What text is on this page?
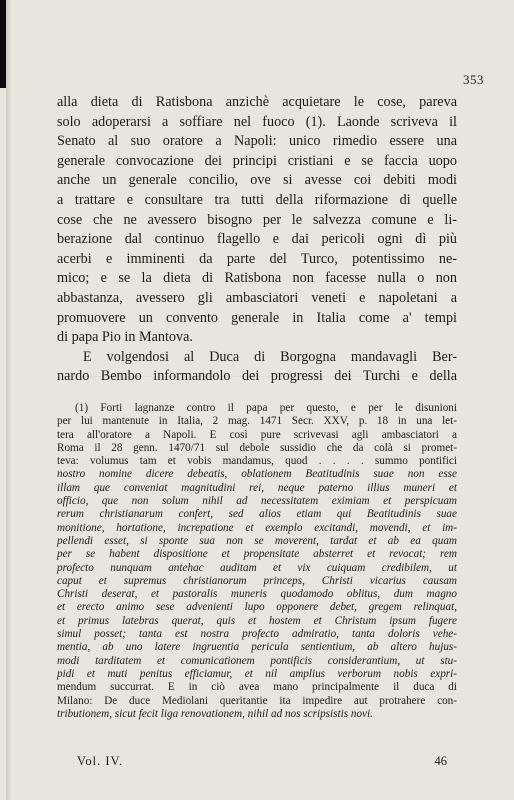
353
alla dieta di Ratisbona anzichè acquietare le cose, pareva
solo adoperarsi a soffiare nel fuoco (1). Laonde scriveva il
Senato al suo oratore a Napoli: unico rimedio essere una
generale convocazione dei principi cristiani e se faccia uopo
anche un generale concilio, ove si avesse coi debiti modi
a trattare e consultare tra tutti della riformazione di quelle
cose che ne avessero bisogno per le salvezza comune e li-
berazione dal continuo flagello e dai pericoli ogni dì più
acerbi e imminenti da parte del Turco, potentissimo ne-
mico; e se la dieta di Ratisbona non facesse nulla o non
abbastanza, avessero gli ambasciatori veneti e napoletani a
promuovere un convento generale in Italia come a' tempi
di papa Pio in Mantova.
E volgendosi al Duca di Borgogna mandavagli Ber-
nardo Bembo informandolo dei progressi dei Turchi e della
(1) Forti lagnanze contro il papa per questo, e per le disunioni
per lui mantenute in Italia, 2 mag. 1471 Secr. XXV, p. 18 in una let-
tera all'oratore a Napoli. E così pure scrivevasi agli ambasciatori a
Roma il 28 genn. 1470/71 sul debole sussidio che da colà si promet-
teva: volumus tam et vobis mandamus, quod . . . . summo pontifici
nostro nomine dicere debeatis, oblationem Beatitudinis suae non esse
illam que conveniat magnitudini rei, neque paterno illius muneri et
officio, que non solum nihil ad necessitatem eximiam et perspicuam
rerum christianarum confert, sed alios etiam qui Beatitudinis suae
monitione, hortatione, increpatione et exemplo excitandi, movendi, et im-
pellendi esset, si sponte sua non se moverent, tardat et ab ea quam
per se habent dispositione et propensitate absterret et revocat; rem
profecto nunquam antehac auditam et vix cuiquam credibilem, ut
caput et supremus christianorum princeps, Christi vicarius causam
Christi deserat, et pastoralis muneris quodamodo oblitus, dum magno
et erecto animo sese advenienti lupo opponere debet, gregem relinquat,
et primus latebras querat, quis et hostem et Christum ipsum fugere
simul posset; tanta est nostra profecto admiratio, tanta doloris vehe-
mentia, ab uno latere ingruentia pericula sentientium, ab altero hujus-
modi tarditatem et comunicationem pontificis considerantium, ut stu-
pidi et muti penitus efficiamur, et nil amplius verborum nobis expri-
mendum succurrat. E in ciò avea mano principalmente il duca di
Milano: De duce Mediolani queritantie ita impedire aut protrahere con-
tributionem, sicut fecit liga renovationem, nihil ad nos scripsistis novi.
Vol. IV.	46
